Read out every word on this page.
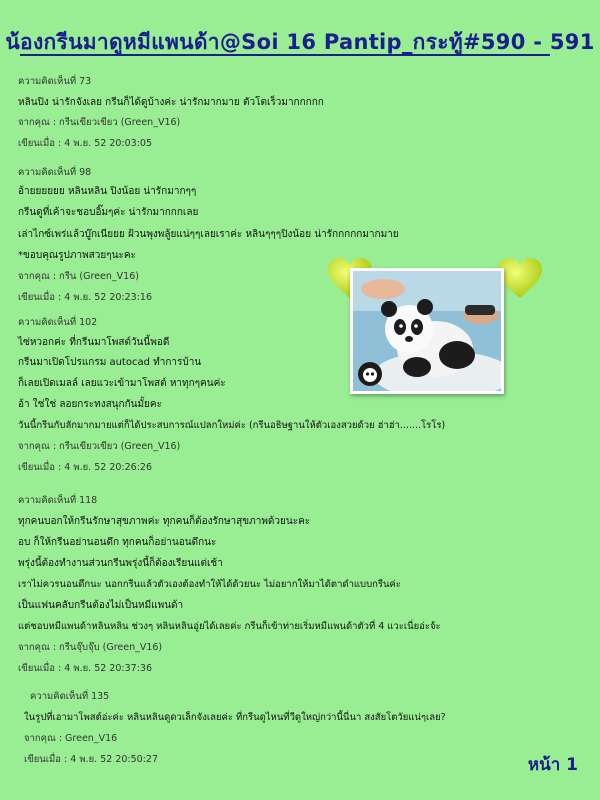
น้องกรีนมาดูหมีแพนด้า@Soi 16 Pantip_กระทู้#590 - 591
ความคิดเห็นที่ 73
หลินปิง น่ารักจังเลย กรีนก็ได้ดูบ้างค่ะ น่ารักมากมาย ตัวโตเร็วมากกกกก
จากคุณ : กรีนเขียวเขียว (Green_V16)
เขียนเมื่อ : 4 พ.ย. 52 20:03:05
ความคิดเห็นที่ 98
อ้ายยยยยย หลินหลิน ปิงน้อย น่ารักมากๆๆ
กรีนดูที่เค้าจะชอบอิ๊มๆค่ะ น่ารักมากกกเลย
เล่าไกซ์เพร่แล้วบู๊กเนียยย ฝ้วนพุงพลู้ยแน่ๆๆเลยเราค่ะ หลินๆๆๆปิงน้อย น่ารักกกกกมากมาย
*ขอบคุณรูปภาพสวยๆนะคะ
จากคุณ : กรีน (Green_V16)
เขียนเมื่อ : 4 พ.ย. 52 20:23:16
ความคิดเห็นที่ 102
ไซ่หวอกค่ะ ที่กรีนมาโพสต์วันนี้พอดี
กรีนมาเปิดโปรแกรม autocad ทำการบ้าน
ก็เลยเปิดเมลล์ เลยแวะเข้ามาโพสต์ หาทุกๆคนค่ะ
อ้า ใช่ใช่ ลอยกระทงสนุกกันมั้ยคะ
วันนี้กรีนกับลักมากมายแต่ก็ได้ประสบการณ์แปลกใหม่ค่ะ (กรีนอธิษฐานให้ตัวเองสวยด้วย ฮ่าฮ่า.......โรโร)
จากคุณ : กรีนเขียวเขียว (Green_V16)
เขียนเมื่อ : 4 พ.ย. 52 20:26:26
ความคิดเห็นที่ 118
ทุกคนบอกให้กรีนรักษาสุขภาพค่ะ ทุกคนก็ต้องรักษาสุขภาพด้วยนะคะ
อบ ก็ให้กรีนอย่านอนดึก ทุกคนก็อย่านอนดึกนะ
พรุ่งนี้ต้องทำงานส่วนกรีนพรุ่งนี้ก็ต้องเรียนแต่เช้า
เราไม่ควรนอนดึกนะ นอกกรีนแล้วตัวเองต้องทำให้ได้ด้วยนะ ไม่อยากให้มาได้ตาดำแบบกรีนค่ะ
เป็นแฟนคลับกรีนต้องไม่เป็นหมีแพนด้า
แต่ชอบหมีแพนด้าหลินหลิน ช่วงๆ หลินหลินอู่ยได้เลยค่ะ กรีนก็เข้าท่ายเริ่มหมีแพนด้าตัวที่ 4 แวะเนี่ยอ่ะจ้ะ
จากคุณ : กรีนจุ๊บจุ๊บ (Green_V16)
เขียนเมื่อ : 4 พ.ย. 52 20:37:36
ความคิดเห็นที่ 135
ในรูปที่เอามาโพสต์อ่ะค่ะ หลินหลินดูดวเล็กจังเลยค่ะ ที่กรีนดูไหนที่วีดูใหญ่กว่านี้นี่นา สงสัยโตวัยแน่ๆเลย?
จากคุณ : Green_V16
เขียนเมื่อ : 4 พ.ย. 52 20:50:27	หน้า 1
